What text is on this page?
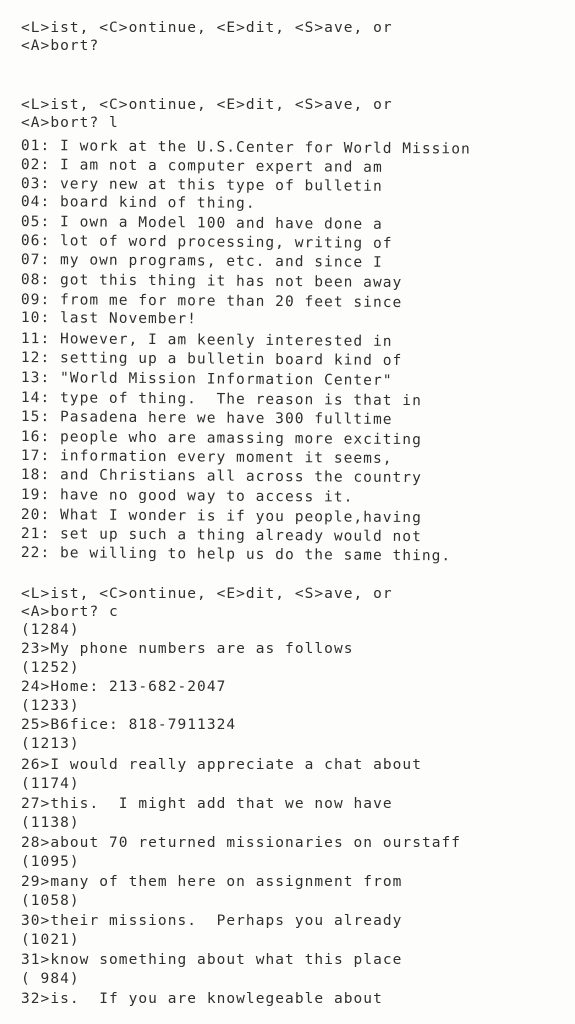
<L>ist, <C>ontinue, <E>dit, <S>ave, or
<A>bort?
<L>ist, <C>ontinue, <E>dit, <S>ave, or
<A>bort? l
01: I work at the U.S.Center for World Mission
02: I am not a computer expert and am
03: very new at this type of bulletin
04: board kind of thing.
05: I own a Model 100 and have done a
06: lot of word processing, writing of
07: my own programs, etc. and since I
08: got this thing it has not been away
09: from me for more than 20 feet since
10: last November!
11: However, I am keenly interested in
12: setting up a bulletin board kind of
13: "World Mission Information Center"
14: type of thing.  The reason is that in
15: Pasadena here we have 300 fulltime
16: people who are amassing more exciting
17: information every moment it seems,
18: and Christians all across the country
19: have no good way to access it.
20: What I wonder is if you people,having
21: set up such a thing already would not
22: be willing to help us do the same thing.
<L>ist, <C>ontinue, <E>dit, <S>ave, or
<A>bort? c
(1284)
23>My phone numbers are as follows
(1252)
24>Home: 213-682-2047
(1233)
25>B6fice: 818-7911324
(1213)
26>I would really appreciate a chat about
(1174)
27>this.  I might add that we now have
(1138)
28>about 70 returned missionaries on ourstaff
(1095)
29>many of them here on assignment from
(1058)
30>their missions.  Perhaps you already
(1021)
31>know something about what this place
( 984)
32>is.  If you are knowlegeable about
